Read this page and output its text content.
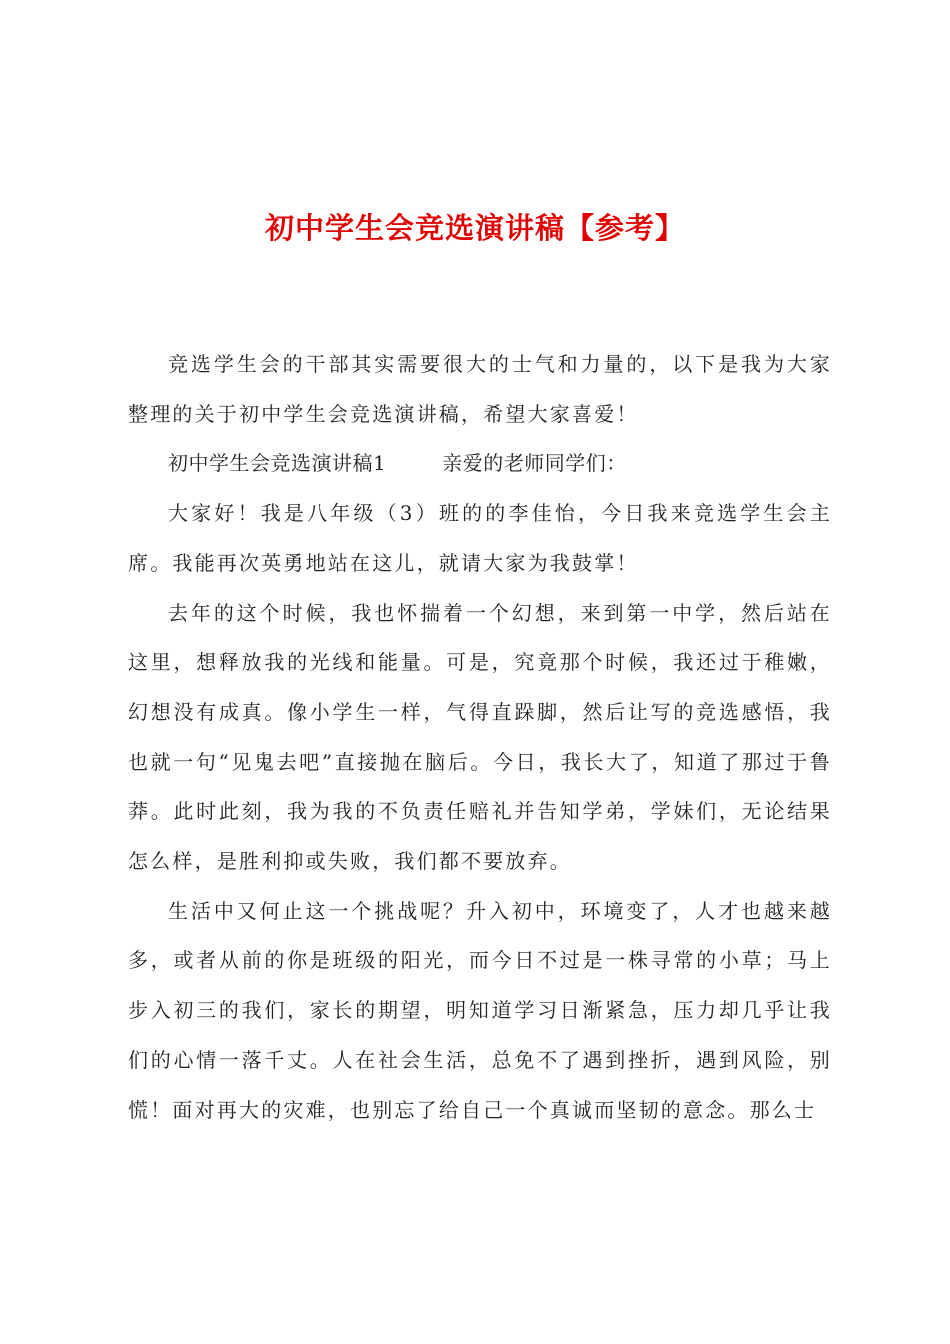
初中学生会竞选演讲稿【参考】

竞选学生会的干部其实需要很大的士气和力量的，以下是我为大家整理的关于初中学生会竞选演讲稿，希望大家喜爱！

初中学生会竞选演讲稿1	亲爱的老师同学们：

大家好！我是八年级（3）班的的李佳怡，今日我来竞选学生会主席。我能再次英勇地站在这儿，就请大家为我鼓掌！

去年的这个时候，我也怀揣着一个幻想，来到第一中学，然后站在这里，想释放我的光线和能量。可是，究竟那个时候，我还过于稚嫩，幻想没有成真。像小学生一样，气得直跺脚，然后让写的竞选感悟，我也就一句“见鬼去吧”直接抛在脑后。今日，我长大了，知道了那过于鲁莽。此时此刻，我为我的不负责任赔礼并告知学弟，学妹们，无论结果怎么样，是胜利抑或失败，我们都不要放弃。

生活中又何止这一个挑战呢？升入初中，环境变了，人才也越来越多，或者从前的你是班级的阳光，而今日不过是一株寻常的小草；马上步入初三的我们，家长的期望，明知道学习日渐紧急，压力却几乎让我们的心情一落千丈。人在社会生活，总免不了遇到挫折，遇到风险，别慌！面对再大的灾难，也别忘了给自己一个真诚而坚韧的意念。那么士
